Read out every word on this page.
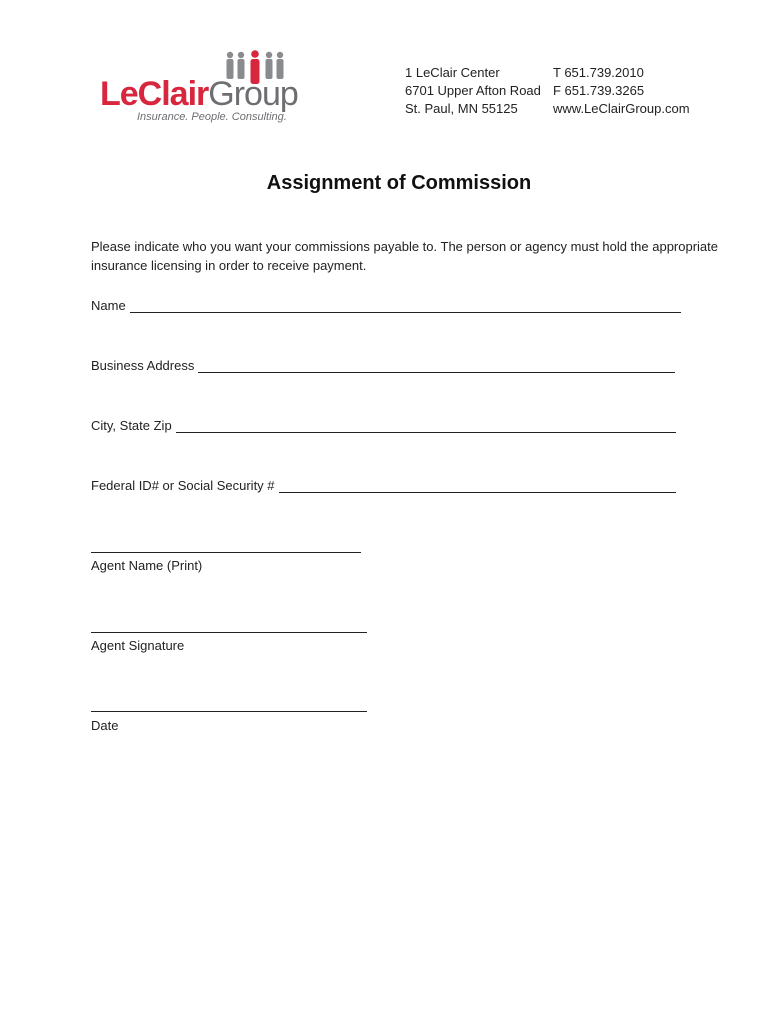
LeClairGroup
Insurance. People. Consulting.
1 LeClair Center
6701 Upper Afton Road
St. Paul, MN 55125
T 651.739.2010
F 651.739.3265
www.LeClairGroup.com
Assignment of Commission
Please indicate who you want your commissions payable to. The person or agency must hold the appropriate insurance licensing in order to receive payment.
Name
Business Address
City, State Zip
Federal ID# or Social Security #
Agent Name (Print)
Agent Signature
Date
